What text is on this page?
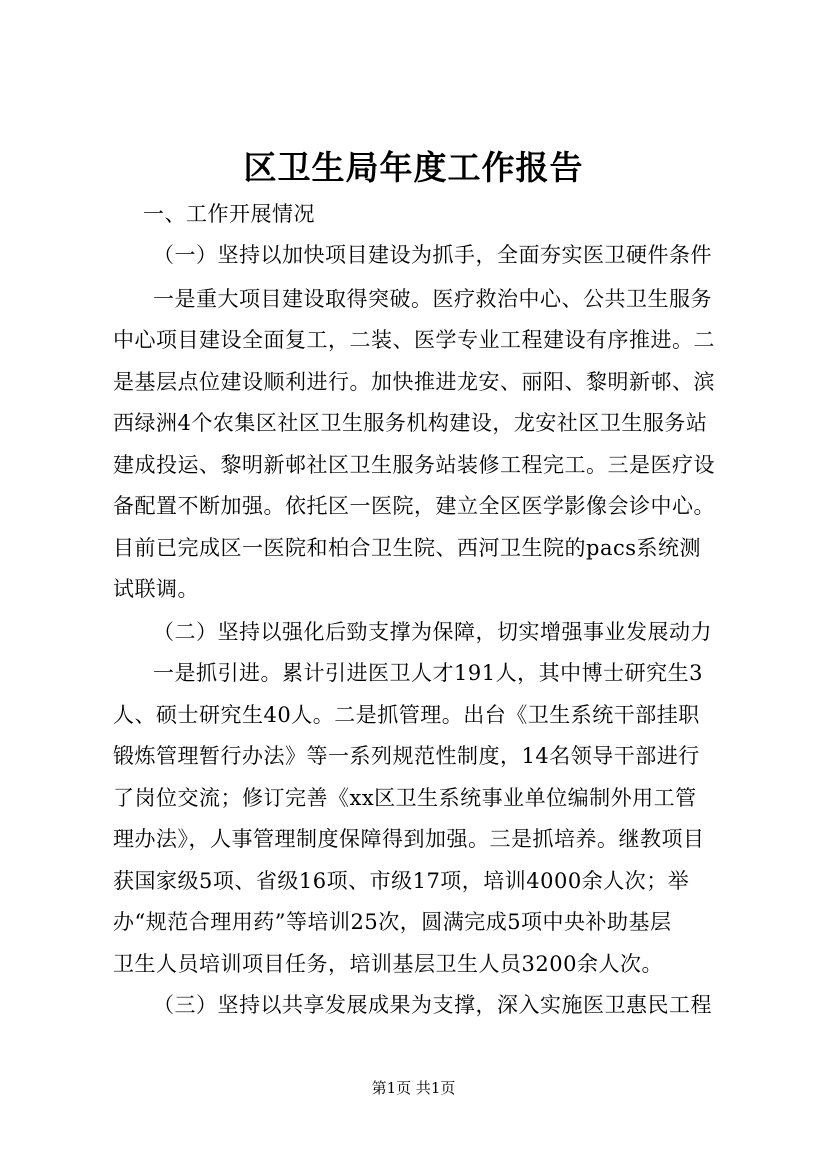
区卫生局年度工作报告

一、工作开展情况

（一）坚持以加快项目建设为抓手，全面夯实医卫硬件条件

一是重大项目建设取得突破。医疗救治中心、公共卫生服务

中心项目建设全面复工，二装、医学专业工程建设有序推进。二

是基层点位建设顺利进行。加快推进龙安、丽阳、黎明新邨、滨

西绿洲4个农集区社区卫生服务机构建设，龙安社区卫生服务站

建成投运、黎明新邨社区卫生服务站装修工程完工。三是医疗设

备配置不断加强。依托区一医院，建立全区医学影像会诊中心。

目前已完成区一医院和柏合卫生院、西河卫生院的pacs系统测

试联调。

（二）坚持以强化后勁支撑为保障，切实增强事业发展动力

一是抓引进。累计引进医卫人才191人，其中博士研究生3

人、硕士研究生40人。二是抓管理。出台《卫生系统干部挂职

锻炼管理暂行办法》等一系列规范性制度，14名领导干部进行

了岗位交流；修订完善《xx区卫生系统事业单位编制外用工管

理办法》，人事管理制度保障得到加强。三是抓培养。继教项目

获国家级5项、省级16项、市级17项，培训4000余人次；举

办“规范合理用药”等培训25次，圆满完成5项中央补助基层

卫生人员培训项目任务，培训基层卫生人员3200余人次。

（三）坚持以共享发展成果为支撑，深入实施医卫惠民工程

第1页 共1页
